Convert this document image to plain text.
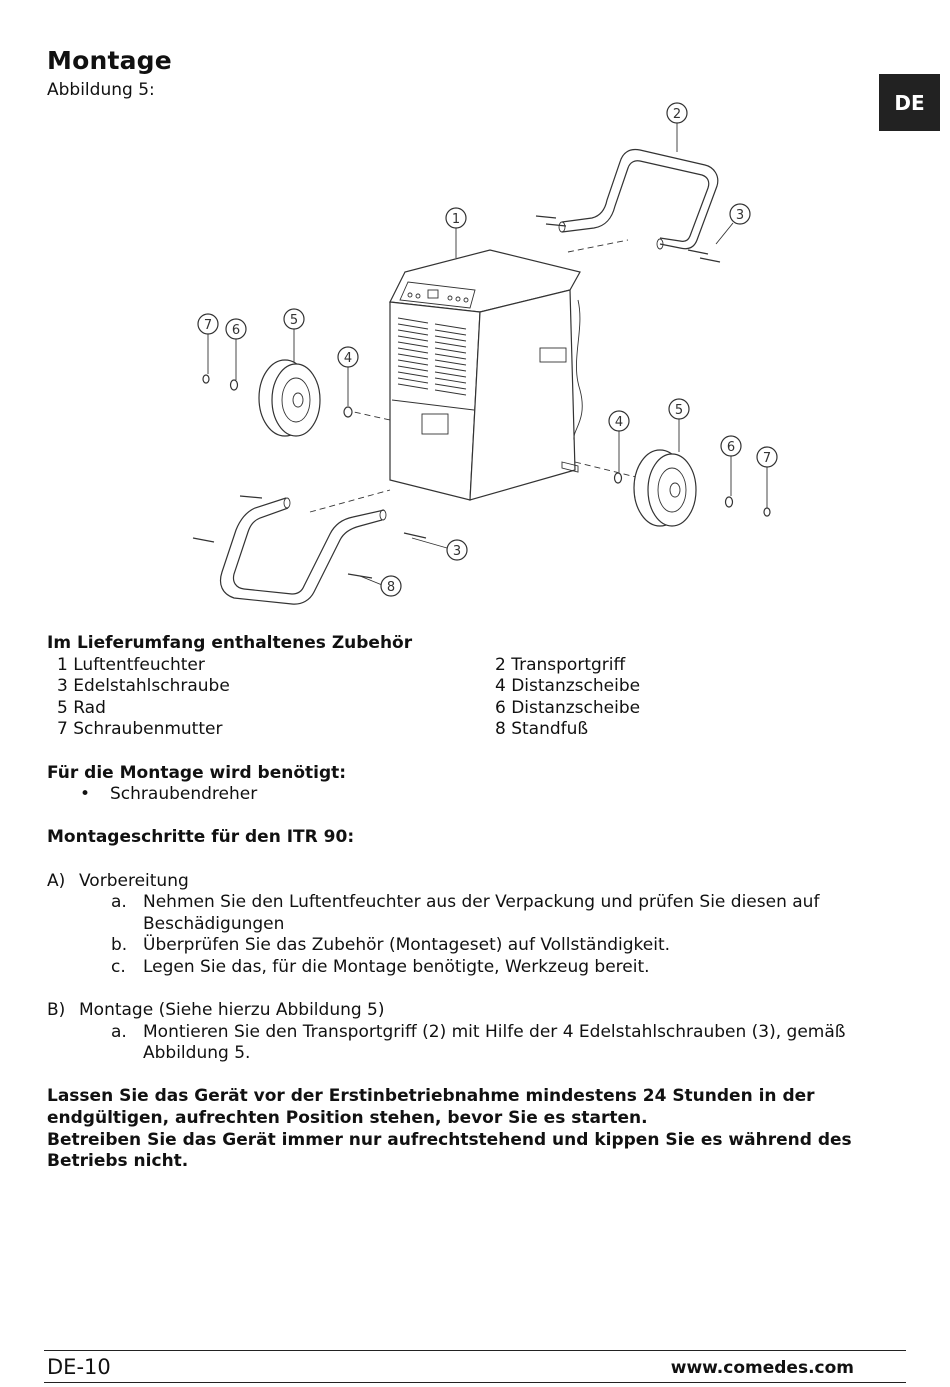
Montage
Abbildung 5:
DE
1
2
3
4
5
6
7
4
5
6
7
3
8
Im Lieferumfang enthaltenes Zubehör
1 Luftentfeuchter	2 Transportgriff
3 Edelstahlschraube	4 Distanzscheibe
5 Rad	6 Distanzscheibe
7 Schraubenmutter	8 Standfuß
Für die Montage wird benötigt:
•	Schraubendreher
Montageschritte für den ITR 90:
A) Vorbereitung
a. Nehmen Sie den Luftentfeuchter aus der Verpackung und prüfen Sie diesen auf Beschädigungen
b. Überprüfen Sie das Zubehör (Montageset) auf Vollständigkeit.
c.	Legen Sie das, für die Montage benötigte, Werkzeug bereit.
B) Montage (Siehe hierzu Abbildung 5)
a. Montieren Sie den Transportgriff (2) mit Hilfe der 4 Edelstahlschrauben (3), gemäß Abbildung 5.
Lassen Sie das Gerät vor der Erstinbetriebnahme mindestens 24 Stunden in der endgültigen, aufrechten Position stehen, bevor Sie es starten.
Betreiben Sie das Gerät immer nur aufrechtstehend und kippen Sie es während des Betriebs nicht.
DE-10	www.comedes.com
